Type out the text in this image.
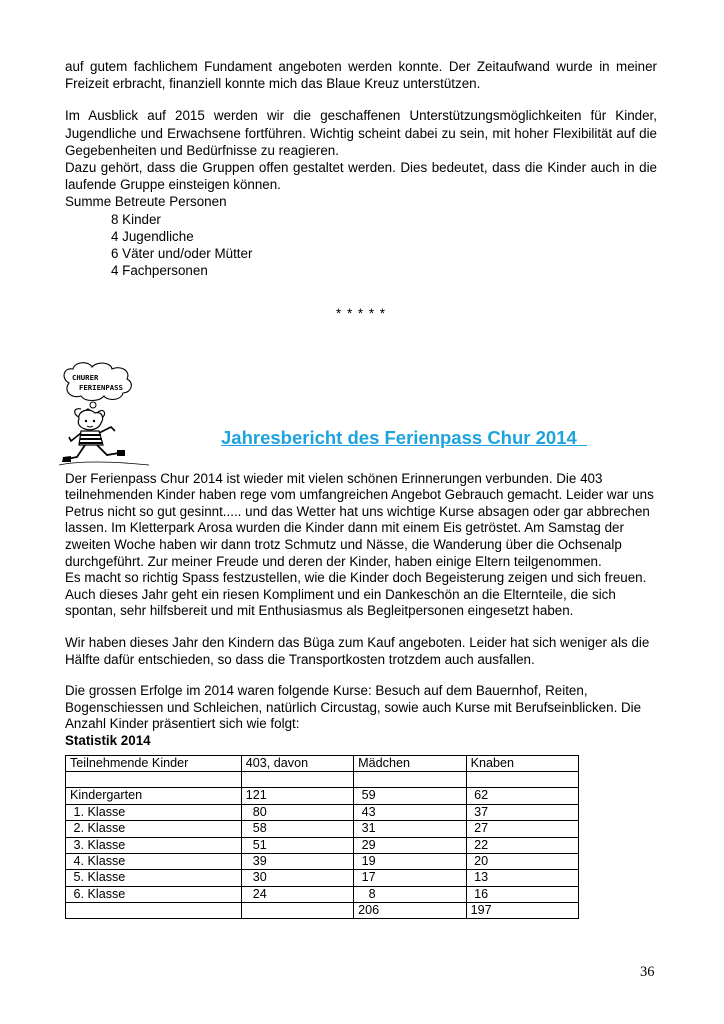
auf gutem fachlichem Fundament angeboten werden konnte. Der Zeitaufwand wurde in meiner Freizeit erbracht, finanziell konnte mich das Blaue Kreuz unterstützen.

Im Ausblick auf 2015 werden wir die geschaffenen Unterstützungsmöglichkeiten für Kinder, Jugendliche und Erwachsene fortführen. Wichtig scheint dabei zu sein, mit hoher Flexibilität auf die Gegebenheiten und Bedürfnisse zu reagieren.

Dazu gehört, dass die Gruppen offen gestaltet werden. Dies bedeutet, dass die Kinder auch in die laufende Gruppe einsteigen können.

Summe Betreute Personen

8 Kinder

4 Jugendliche

6 Väter und/oder Mütter

4 Fachpersonen

* * * * *

CHURER
FERIENPASS
Jahresbericht des Ferienpass Chur 2014

Der Ferienpass Chur 2014 ist wieder mit vielen schönen Erinnerungen verbunden. Die 403 teilnehmenden Kinder haben rege vom umfangreichen Angebot Gebrauch gemacht. Leider war uns Petrus nicht so gut gesinnt..... und das Wetter hat uns wichtige Kurse absagen oder gar abbrechen lassen. Im Kletterpark Arosa wurden die Kinder dann mit einem Eis getröstet. Am Samstag der zweiten Woche haben wir dann trotz Schmutz und Nässe, die Wanderung über die Ochsenalp durchgeführt. Zur meiner Freude und deren der Kinder, haben einige Eltern teilgenommen.

Es macht so richtig Spass festzustellen, wie die Kinder doch Begeisterung zeigen und sich freuen. Auch dieses Jahr geht ein riesen Kompliment und ein Dankeschön an die Elternteile, die sich spontan, sehr hilfsbereit und mit Enthusiasmus als Begleitpersonen eingesetzt haben.

Wir haben dieses Jahr den Kindern das Büga zum Kauf angeboten. Leider hat sich weniger als die Hälfte dafür entschieden, so dass die Transportkosten trotzdem auch ausfallen.

Die grossen Erfolge im 2014 waren folgende Kurse: Besuch auf dem Bauernhof, Reiten, Bogenschiessen und Schleichen, natürlich Circustag, sowie auch Kurse mit Berufseinblicken. Die Anzahl Kinder präsentiert sich wie folgt:

Statistik 2014

Teilnehmende Kinder	403, davon	Mädchen	Knaben

Kindergarten	121	59	62
1. Klasse	80	43	37
2. Klasse	58	31	27
3. Klasse	51	29	22
4. Klasse	39	19	20
5. Klasse	30	17	13
6. Klasse	24	8	16
		206	197
36
